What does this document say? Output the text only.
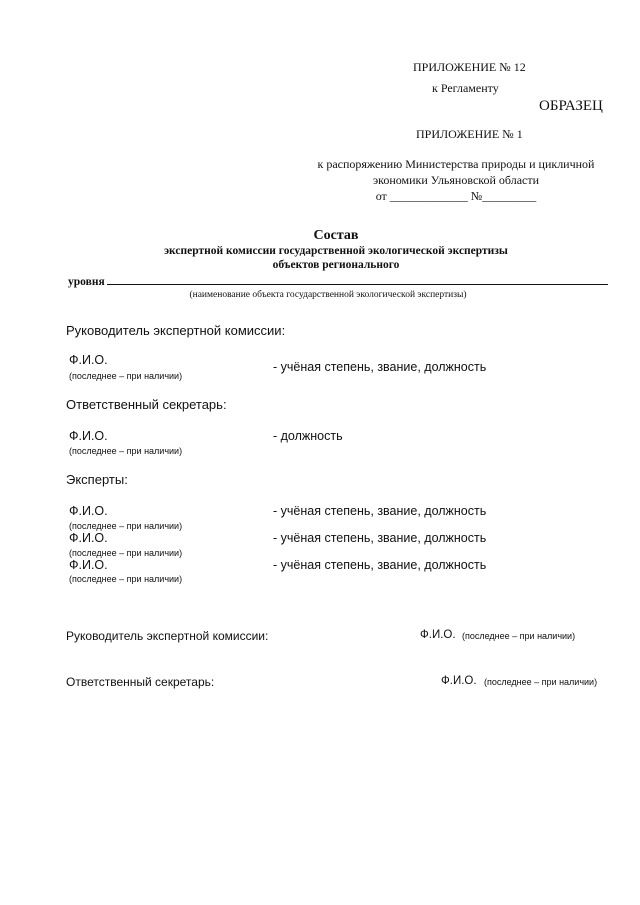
ПРИЛОЖЕНИЕ № 12
к Регламенту
ОБРАЗЕЦ
ПРИЛОЖЕНИЕ № 1
к распоряжению Министерства природы и цикличной
экономики Ульяновской области
от _____________ №_________
Состав
экспертной комиссии государственной экологической экспертизы
объектов регионального
уровня
(наименование объекта государственной экологической экспертизы)
Руководитель экспертной комиссии:
Ф.И.О.
(последнее – при наличии)
- учёная степень, звание, должность
Ответственный секретарь:
Ф.И.О.
(последнее – при наличии)
- должность
Эксперты:
Ф.И.О.
(последнее – при наличии)
- учёная степень, звание, должность
Ф.И.О.
(последнее – при наличии)
- учёная степень, звание, должность
Ф.И.О.
(последнее – при наличии)
- учёная степень, звание, должность
Руководитель экспертной комиссии:	Ф.И.О. (последнее – при наличии)
Ответственный секретарь:	Ф.И.О. (последнее – при наличии)
